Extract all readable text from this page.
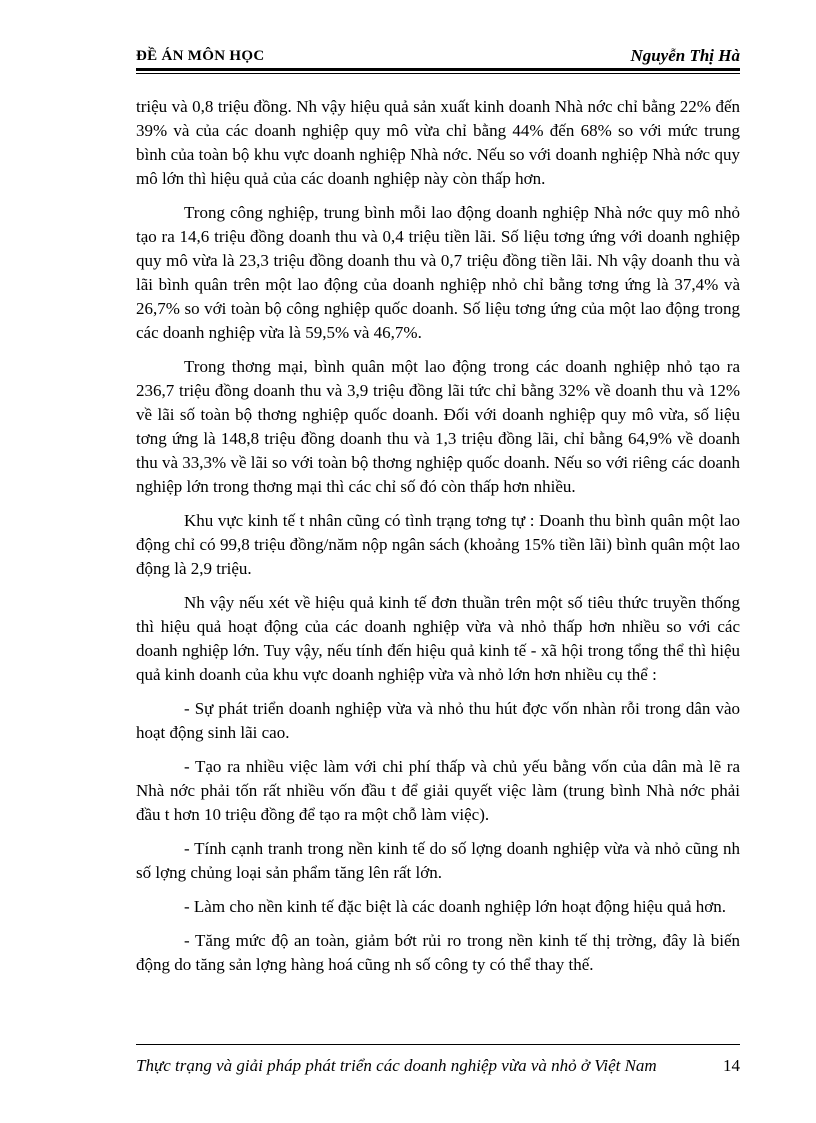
ĐỀ ÁN MÔN HỌC	Nguyễn Thị Hà

triệu và 0,8 triệu đồng. Nh vậy hiệu quả sản xuất kinh doanh Nhà nớc chỉ bằng 22% đến 39% và của các doanh nghiệp quy mô vừa chỉ bằng 44% đến 68% so với mức trung bình của toàn bộ khu vực doanh nghiệp Nhà nớc. Nếu so với doanh nghiệp Nhà nớc quy mô lớn thì hiệu quả của các doanh nghiệp này còn thấp hơn.

Trong công nghiệp, trung bình mỗi lao động doanh nghiệp Nhà nớc quy mô nhỏ tạo ra 14,6 triệu đồng doanh thu và 0,4 triệu tiền lãi. Số liệu tơng ứng với doanh nghiệp quy mô vừa là 23,3 triệu đồng doanh thu và 0,7 triệu đồng tiền lãi. Nh vậy doanh thu và lãi bình quân trên một lao động của doanh nghiệp nhỏ chỉ bằng tơng ứng là 37,4% và 26,7% so với toàn bộ công nghiệp quốc doanh. Số liệu tơng ứng của một lao động trong các doanh nghiệp vừa là 59,5% và 46,7%.

Trong thơng mại, bình quân một lao động trong các doanh nghiệp nhỏ tạo ra 236,7 triệu đồng doanh thu và 3,9 triệu đồng lãi tức chỉ bằng 32% về doanh thu và 12% về lãi số toàn bộ thơng nghiệp quốc doanh. Đối với doanh nghiệp quy mô vừa, số liệu tơng ứng là 148,8 triệu đồng doanh thu và 1,3 triệu đồng lãi, chỉ bằng 64,9% về doanh thu và 33,3% về lãi so với toàn bộ thơng nghiệp quốc doanh. Nếu so với riêng các doanh nghiệp lớn trong thơng mại thì các chỉ số đó còn thấp hơn nhiều.

Khu vực kinh tế t nhân cũng có tình trạng tơng tự : Doanh thu bình quân một lao động chỉ có 99,8 triệu đồng/năm nộp ngân sách (khoảng 15% tiền lãi) bình quân một lao động là 2,9 triệu.

Nh vậy nếu xét về hiệu quả kinh tế đơn thuần trên một số tiêu thức truyền thống thì hiệu quả hoạt động của các doanh nghiệp vừa và nhỏ thấp hơn nhiều so với các doanh nghiệp lớn. Tuy vậy, nếu tính đến hiệu quả kinh tế - xã hội trong tổng thể thì hiệu quả kinh doanh của khu vực doanh nghiệp vừa và nhỏ lớn hơn nhiều cụ thể :

- Sự phát triển doanh nghiệp vừa và nhỏ thu hút đợc vốn nhàn rỗi trong dân vào hoạt động sinh lãi cao.

- Tạo ra nhiều việc làm với chi phí thấp và chủ yếu bằng vốn của dân mà lẽ ra Nhà nớc phải tốn rất nhiều vốn đầu t để giải quyết việc làm (trung bình Nhà nớc phải đầu t hơn 10 triệu đồng để tạo ra một chỗ làm việc).

- Tính cạnh tranh trong nền kinh tế do số lợng doanh nghiệp vừa và nhỏ cũng nh số lợng chủng loại sản phẩm tăng lên rất lớn.

- Làm cho nền kinh tế đặc biệt là các doanh nghiệp lớn hoạt động hiệu quả hơn.

- Tăng mức độ an toàn, giảm bớt rủi ro trong nền kinh tế thị trờng, đây là biến động do tăng sản lợng hàng hoá cũng nh số công ty có thể thay thế.

Thực trạng và giải pháp phát triển các doanh nghiệp vừa và nhỏ ở Việt Nam	14
